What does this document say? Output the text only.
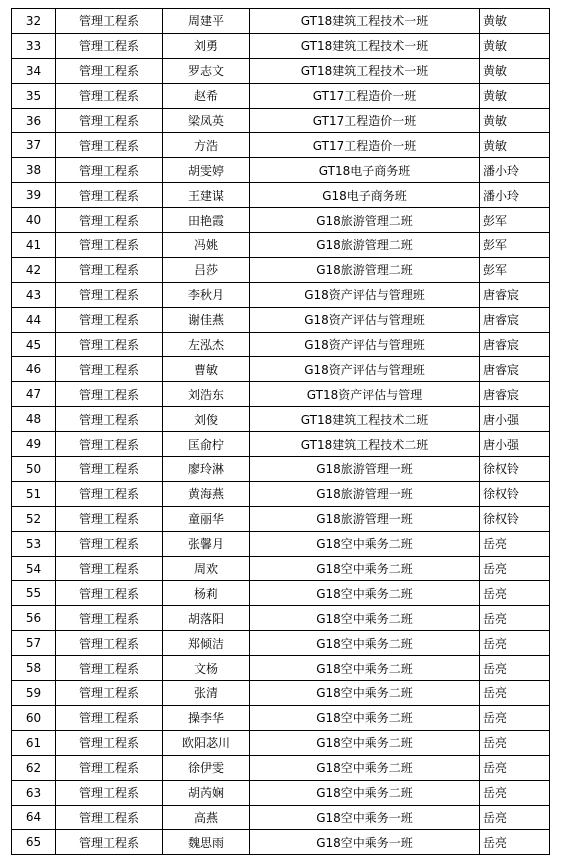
32	管理工程系	周建平	GT18建筑工程技术一班	黄敏
33	管理工程系	刘勇	GT18建筑工程技术一班	黄敏
34	管理工程系	罗志文	GT18建筑工程技术一班	黄敏
35	管理工程系	赵希	GT17工程造价一班	黄敏
36	管理工程系	梁凤英	GT17工程造价一班	黄敏
37	管理工程系	方浩	GT17工程造价一班	黄敏
38	管理工程系	胡雯婷	GT18电子商务班	潘小玲
39	管理工程系	王建谋	G18电子商务班	潘小玲
40	管理工程系	田艳霞	G18旅游管理二班	彭军
41	管理工程系	冯姚	G18旅游管理二班	彭军
42	管理工程系	吕莎	G18旅游管理二班	彭军
43	管理工程系	李秋月	G18资产评估与管理班	唐睿宸
44	管理工程系	谢佳燕	G18资产评估与管理班	唐睿宸
45	管理工程系	左泓杰	G18资产评估与管理班	唐睿宸
46	管理工程系	曹敏	G18资产评估与管理班	唐睿宸
47	管理工程系	刘浩东	GT18资产评估与管理	唐睿宸
48	管理工程系	刘俊	GT18建筑工程技术二班	唐小强
49	管理工程系	匡俞柠	GT18建筑工程技术二班	唐小强
50	管理工程系	廖玲淋	G18旅游管理一班	徐权铃
51	管理工程系	黄海燕	G18旅游管理一班	徐权铃
52	管理工程系	童丽华	G18旅游管理一班	徐权铃
53	管理工程系	张馨月	G18空中乘务二班	岳亮
54	管理工程系	周欢	G18空中乘务二班	岳亮
55	管理工程系	杨莉	G18空中乘务二班	岳亮
56	管理工程系	胡落阳	G18空中乘务二班	岳亮
57	管理工程系	郑倾洁	G18空中乘务二班	岳亮
58	管理工程系	文杨	G18空中乘务二班	岳亮
59	管理工程系	张清	G18空中乘务二班	岳亮
60	管理工程系	操李华	G18空中乘务二班	岳亮
61	管理工程系	欧阳苾川	G18空中乘务二班	岳亮
62	管理工程系	徐伊雯	G18空中乘务二班	岳亮
63	管理工程系	胡芮娴	G18空中乘务二班	岳亮
64	管理工程系	高燕	G18空中乘务一班	岳亮
65	管理工程系	魏思雨	G18空中乘务一班	岳亮
